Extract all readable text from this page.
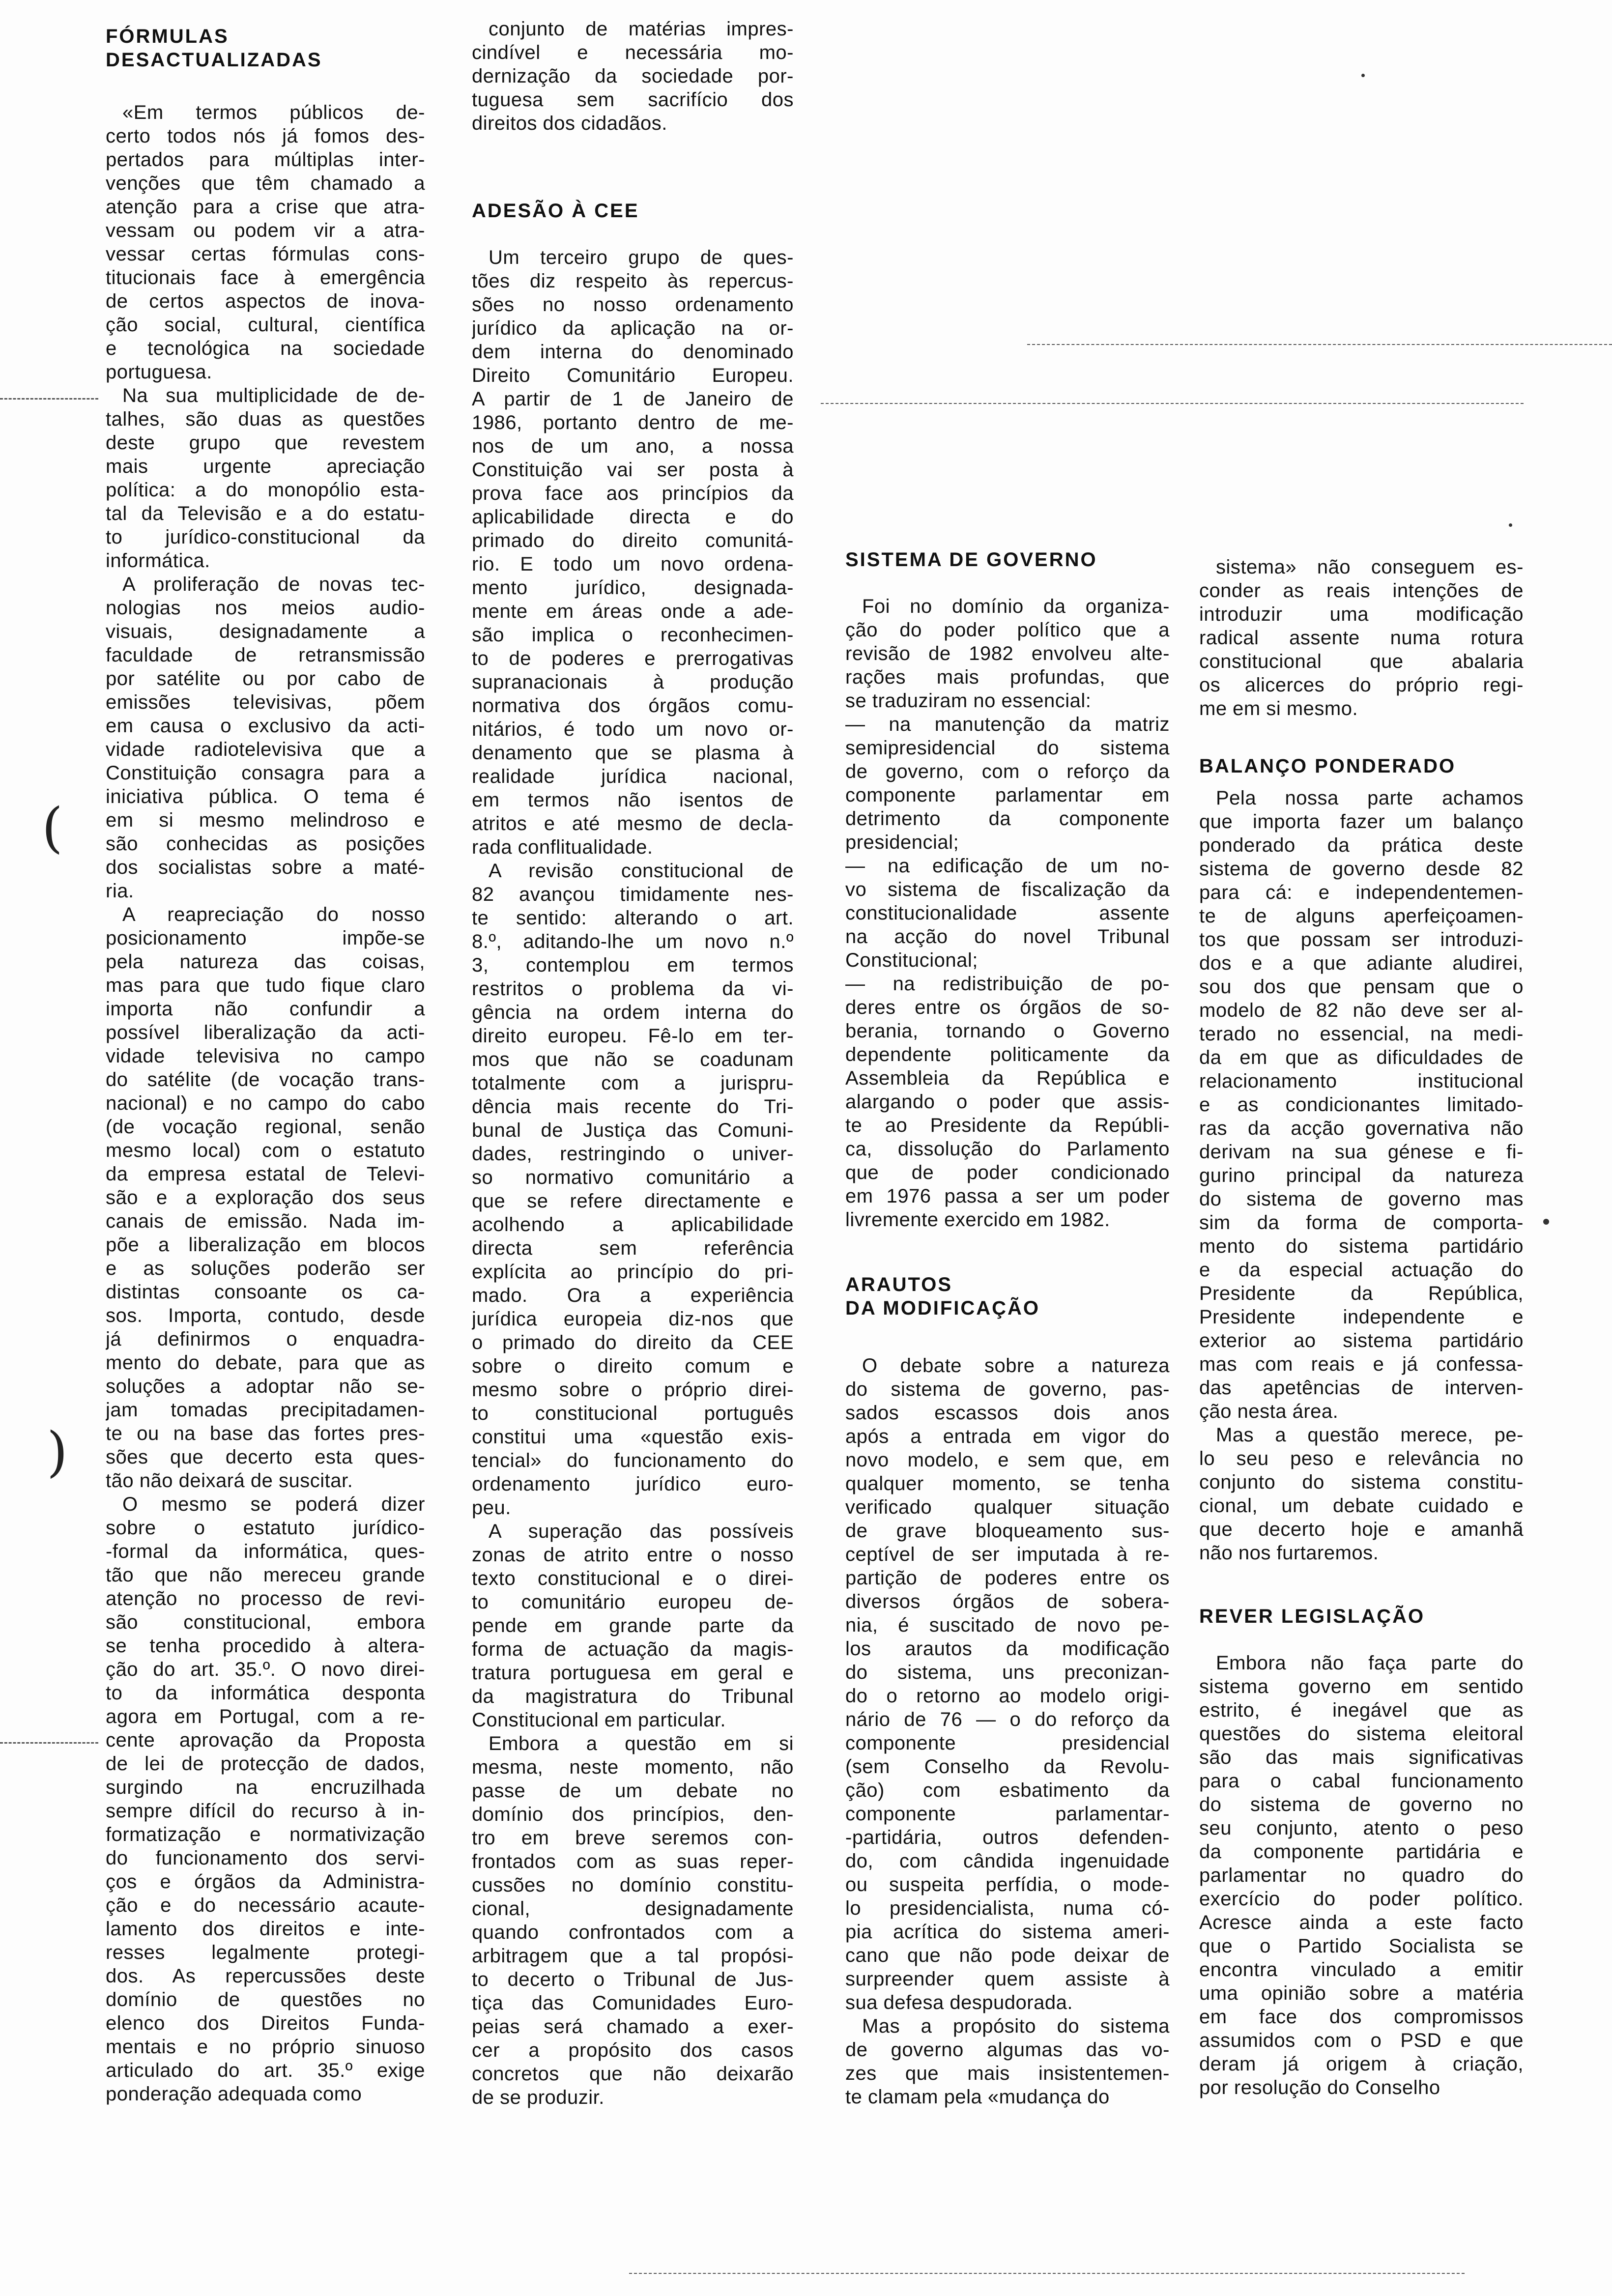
FÓRMULAS
DESACTUALIZADAS
«Em termos públicos de-
certo todos nós já fomos des-
pertados para múltiplas inter-
venções que têm chamado a
atenção para a crise que atra-
vessam ou podem vir a atra-
vessar certas fórmulas cons-
titucionais face à emergência
de certos aspectos de inova-
ção social, cultural, científica
e tecnológica na sociedade
portuguesa.
Na sua multiplicidade de de-
talhes, são duas as questões
deste grupo que revestem
mais urgente apreciação
política: a do monopólio esta-
tal da Televisão e a do estatu-
to jurídico-constitucional da
informática.
A proliferação de novas tec-
nologias nos meios audio-
visuais, designadamente a
faculdade de retransmissão
por satélite ou por cabo de
emissões televisivas, põem
em causa o exclusivo da acti-
vidade radiotelevisiva que a
Constituição consagra para a
iniciativa pública. O tema é
em si mesmo melindroso e
são conhecidas as posições
dos socialistas sobre a maté-
ria.
A reapreciação do nosso
posicionamento impõe-se
pela natureza das coisas,
mas para que tudo fique claro
importa não confundir a
possível liberalização da acti-
vidade televisiva no campo
do satélite (de vocação trans-
nacional) e no campo do cabo
(de vocação regional, senão
mesmo local) com o estatuto
da empresa estatal de Televi-
são e a exploração dos seus
canais de emissão. Nada im-
põe a liberalização em blocos
e as soluções poderão ser
distintas consoante os ca-
sos. Importa, contudo, desde
já definirmos o enquadra-
mento do debate, para que as
soluções a adoptar não se-
jam tomadas precipitadamen-
te ou na base das fortes pres-
sões que decerto esta ques-
tão não deixará de suscitar.
O mesmo se poderá dizer
sobre o estatuto jurídico-
-formal da informática, ques-
tão que não mereceu grande
atenção no processo de revi-
são constitucional, embora
se tenha procedido à altera-
ção do art. 35.º. O novo direi-
to da informática desponta
agora em Portugal, com a re-
cente aprovação da Proposta
de lei de protecção de dados,
surgindo na encruzilhada
sempre difícil do recurso à in-
formatização e normativização
do funcionamento dos servi-
ços e órgãos da Administra-
ção e do necessário acaute-
lamento dos direitos e inte-
resses legalmente protegi-
dos. As repercussões deste
domínio de questões no
elenco dos Direitos Funda-
mentais e no próprio sinuoso
articulado do art. 35.º exige
ponderação adequada como
conjunto de matérias impres-
cindível e necessária mo-
dernização da sociedade por-
tuguesa sem sacrifício dos
direitos dos cidadãos.
ADESÃO À CEE
Um terceiro grupo de ques-
tões diz respeito às repercus-
sões no nosso ordenamento
jurídico da aplicação na or-
dem interna do denominado
Direito Comunitário Europeu.
A partir de 1 de Janeiro de
1986, portanto dentro de me-
nos de um ano, a nossa
Constituição vai ser posta à
prova face aos princípios da
aplicabilidade directa e do
primado do direito comunitá-
rio. E todo um novo ordena-
mento jurídico, designada-
mente em áreas onde a ade-
são implica o reconhecimen-
to de poderes e prerrogativas
supranacionais à produção
normativa dos órgãos comu-
nitários, é todo um novo or-
denamento que se plasma à
realidade jurídica nacional,
em termos não isentos de
atritos e até mesmo de decla-
rada conflitualidade.
A revisão constitucional de
82 avançou timidamente nes-
te sentido: alterando o art.
8.º, aditando-lhe um novo n.º
3, contemplou em termos
restritos o problema da vi-
gência na ordem interna do
direito europeu. Fê-lo em ter-
mos que não se coadunam
totalmente com a jurispru-
dência mais recente do Tri-
bunal de Justiça das Comuni-
dades, restringindo o univer-
so normativo comunitário a
que se refere directamente e
acolhendo a aplicabilidade
directa sem referência
explícita ao princípio do pri-
mado. Ora a experiência
jurídica europeia diz-nos que
o primado do direito da CEE
sobre o direito comum e
mesmo sobre o próprio direi-
to constitucional português
constitui uma «questão exis-
tencial» do funcionamento do
ordenamento jurídico euro-
peu.
A superação das possíveis
zonas de atrito entre o nosso
texto constitucional e o direi-
to comunitário europeu de-
pende em grande parte da
forma de actuação da magis-
tratura portuguesa em geral e
da magistratura do Tribunal
Constitucional em particular.
Embora a questão em si
mesma, neste momento, não
passe de um debate no
domínio dos princípios, den-
tro em breve seremos con-
frontados com as suas reper-
cussões no domínio constitu-
cional, designadamente
quando confrontados com a
arbitragem que a tal propósi-
to decerto o Tribunal de Jus-
tiça das Comunidades Euro-
peias será chamado a exer-
cer a propósito dos casos
concretos que não deixarão
de se produzir.
SISTEMA DE GOVERNO
Foi no domínio da organiza-
ção do poder político que a
revisão de 1982 envolveu alte-
rações mais profundas, que
se traduziram no essencial:
— na manutenção da matriz
semipresidencial do sistema
de governo, com o reforço da
componente parlamentar em
detrimento da componente
presidencial;
— na edificação de um no-
vo sistema de fiscalização da
constitucionalidade assente
na acção do novel Tribunal
Constitucional;
— na redistribuição de po-
deres entre os órgãos de so-
berania, tornando o Governo
dependente politicamente da
Assembleia da República e
alargando o poder que assis-
te ao Presidente da Repúbli-
ca, dissolução do Parlamento
que de poder condicionado
em 1976 passa a ser um poder
livremente exercido em 1982.
ARAUTOS
DA MODIFICAÇÃO
O debate sobre a natureza
do sistema de governo, pas-
sados escassos dois anos
após a entrada em vigor do
novo modelo, e sem que, em
qualquer momento, se tenha
verificado qualquer situação
de grave bloqueamento sus-
ceptível de ser imputada à re-
partição de poderes entre os
diversos órgãos de sobera-
nia, é suscitado de novo pe-
los arautos da modificação
do sistema, uns preconizan-
do o retorno ao modelo origi-
nário de 76 — o do reforço da
componente presidencial
(sem Conselho da Revolu-
ção) com esbatimento da
componente parlamentar-
-partidária, outros defenden-
do, com cândida ingenuidade
ou suspeita perfídia, o mode-
lo presidencialista, numa có-
pia acrítica do sistema ameri-
cano que não pode deixar de
surpreender quem assiste à
sua defesa despudorada.
Mas a propósito do sistema
de governo algumas das vo-
zes que mais insistentemen-
te clamam pela «mudança do
sistema» não conseguem es-
conder as reais intenções de
introduzir uma modificação
radical assente numa rotura
constitucional que abalaria
os alicerces do próprio regi-
me em si mesmo.
BALANÇO PONDERADO
Pela nossa parte achamos
que importa fazer um balanço
ponderado da prática deste
sistema de governo desde 82
para cá: e independentemen-
te de alguns aperfeiçoamen-
tos que possam ser introduzi-
dos e a que adiante aludirei,
sou dos que pensam que o
modelo de 82 não deve ser al-
terado no essencial, na medi-
da em que as dificuldades de
relacionamento institucional
e as condicionantes limitado-
ras da acção governativa não
derivam na sua génese e fi-
gurino principal da natureza
do sistema de governo mas
sim da forma de comporta-
mento do sistema partidário
e da especial actuação do
Presidente da República,
Presidente independente e
exterior ao sistema partidário
mas com reais e já confessa-
das apetências de interven-
ção nesta área.
Mas a questão merece, pe-
lo seu peso e relevância no
conjunto do sistema constitu-
cional, um debate cuidado e
que decerto hoje e amanhã
não nos furtaremos.
REVER LEGISLAÇÃO
Embora não faça parte do
sistema governo em sentido
estrito, é inegável que as
questões do sistema eleitoral
são das mais significativas
para o cabal funcionamento
do sistema de governo no
seu conjunto, atento o peso
da componente partidária e
parlamentar no quadro do
exercício do poder político.
Acresce ainda a este facto
que o Partido Socialista se
encontra vinculado a emitir
uma opinião sobre a matéria
em face dos compromissos
assumidos com o PSD e que
deram já origem à criação,
por resolução do Conselho
(
)
